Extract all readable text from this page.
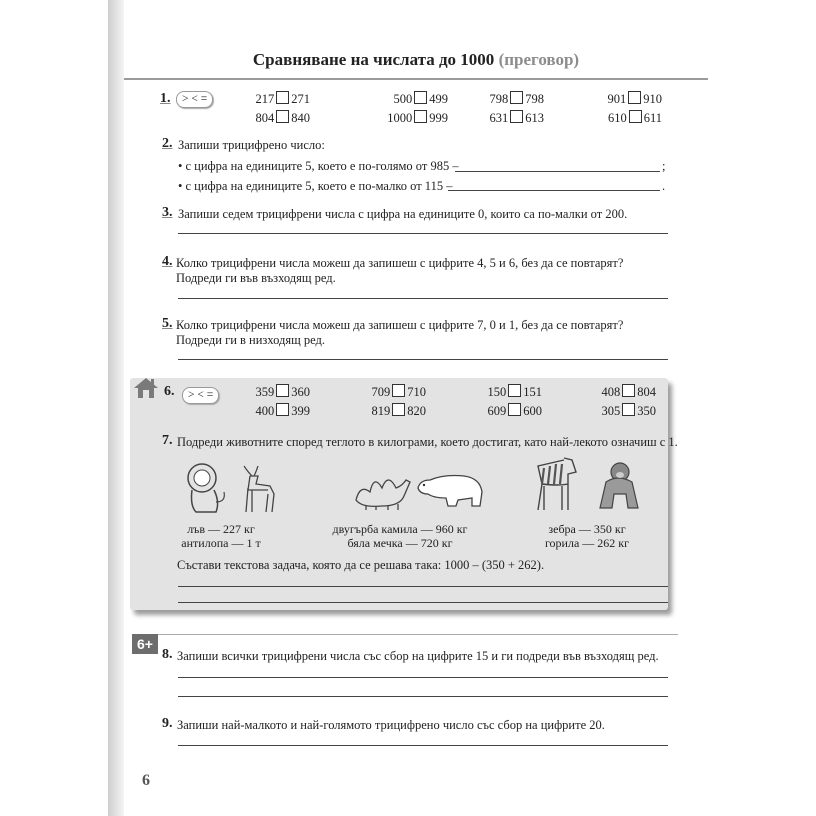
Сравняване на числата до 1000 (преговор)
1.	> < =	217 271	500 499	798 798	901 910
804 840	1000 999	631 613	610 611
2. Запиши трицифрено число:
• с цифра на единиците 5, което е по-голямо от 985 –	;
• с цифра на единиците 5, което е по-малко от 115 –	.
3. Запиши седем трицифрени числа с цифра на единиците 0, които са по-малки от 200.
4. Колко трицифрени числа можеш да запишеш с цифрите 4, 5 и 6, без да се повтарят?
Подреди ги във възходящ ред.
5. Колко трицифрени числа можеш да запишеш с цифрите 7, 0 и 1, без да се повтарят?
Подреди ги в низходящ ред.
6.	> < =	359 360	709 710	150 151	408 804
400 399	819 820	609 600	305 350
7. Подреди животните според теглото в килограми, което достигат, като най-лекото означиш с 1.
лъв — 227 кг
антилопа — 1 т
двугърба камила — 960 кг
бяла мечка — 720 кг
зебра — 350 кг
горила — 262 кг
Състави текстова задача, която да се решава така: 1000 – (350 + 262).
6+
8. Запиши всички трицифрени числа със сбор на цифрите 15 и ги подреди във възходящ ред.
9. Запиши най-малкото и най-голямото трицифрено число със сбор на цифрите 20.
6
